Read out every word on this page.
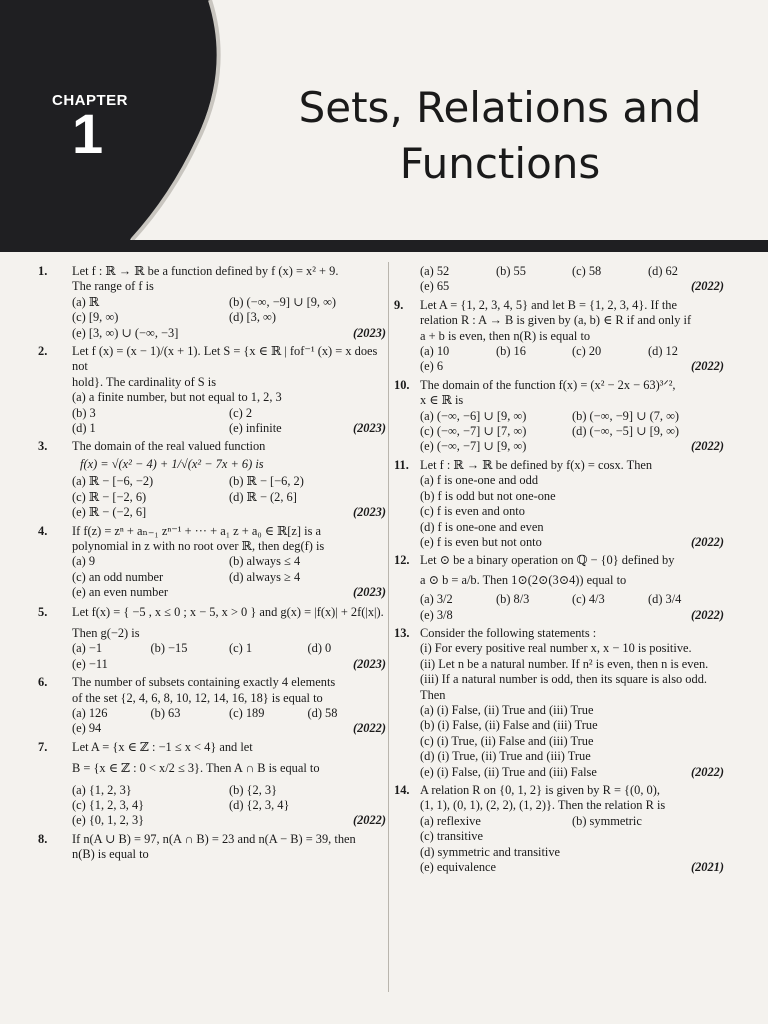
CHAPTER
1	Sets, Relations and
Functions
1. Let f : ℝ → ℝ be a function defined by f (x) = x² + 9.
The range of f is
(a) ℝ	(b) (−∞, −9] ∪ [9, ∞)
(c) [9, ∞)	(d) [3, ∞)
(e) [3, ∞) ∪ (−∞, −3]	(2023)
2. Let f (x) = (x − 1)/(x + 1). Let S = {x ∈ ℝ | fof⁻¹ (x) = x does not
hold}. The cardinality of S is
(a) a finite number, but not equal to 1, 2, 3
(b) 3	(c) 2
(d) 1	(e) infinite	(2023)
3. The domain of the real valued function
f(x) = √(x² − 4) + 1/√(x² − 7x + 6) is
(a) ℝ − [−6, −2)	(b) ℝ − [−6, 2)
(c) ℝ − [−2, 6)	(d) ℝ − (2, 6]
(e) ℝ − (−2, 6]	(2023)
4. If f(z) = zⁿ + aₙ₋₁ zⁿ⁻¹ + ··· + a₁ z + a₀ ∈ ℝ[z] is a
polynomial in z with no root over ℝ, then deg(f) is
(a) 9	(b) always ≤ 4
(c) an odd number	(d) always ≥ 4
(e) an even number	(2023)
5. Let f(x) = { −5 , x ≤ 0 ; x − 5, x > 0 } and g(x) = |f(x)| + 2f(|x|).
Then g(−2) is
(a) −1	(b) −15	(c) 1	(d) 0
(e) −11	(2023)
6. The number of subsets containing exactly 4 elements
of the set {2, 4, 6, 8, 10, 12, 14, 16, 18} is equal to
(a) 126	(b) 63	(c) 189	(d) 58
(e) 94	(2022)
7. Let A = {x ∈ ℤ : −1 ≤ x < 4} and let
B = {x ∈ ℤ : 0 < x/2 ≤ 3}. Then A ∩ B is equal to
(a) {1, 2, 3}	(b) {2, 3}
(c) {1, 2, 3, 4}	(d) {2, 3, 4}
(e) {0, 1, 2, 3}	(2022)
8. If n(A ∪ B) = 97, n(A ∩ B) = 23 and n(A − B) = 39, then
n(B) is equal to
(a) 52	(b) 55	(c) 58	(d) 62
(e) 65	(2022)
9. Let A = {1, 2, 3, 4, 5} and let B = {1, 2, 3, 4}. If the
relation R : A → B is given by (a, b) ∈ R if and only if
a + b is even, then n(R) is equal to
(a) 10	(b) 16	(c) 20	(d) 12
(e) 6	(2022)
10. The domain of the function f(x) = (x² − 2x − 63)³ᐟ²,
x ∈ ℝ is
(a) (−∞, −6] ∪ [9, ∞)	(b) (−∞, −9] ∪ (7, ∞)
(c) (−∞, −7] ∪ [7, ∞)	(d) (−∞, −5] ∪ [9, ∞)
(e) (−∞, −7] ∪ [9, ∞)	(2022)
11. Let f : ℝ → ℝ be defined by f(x) = cosx. Then
(a) f is one-one and odd
(b) f is odd but not one-one
(c) f is even and onto
(d) f is one-one and even
(e) f is even but not onto	(2022)
12. Let ⊙ be a binary operation on ℚ − {0} defined by
a ⊙ b = a/b. Then 1⊙(2⊙(3⊙4)) equal to
(a) 3/2	(b) 8/3	(c) 4/3	(d) 3/4
(e) 3/8	(2022)
13. Consider the following statements :
(i) For every positive real number x, x − 10 is positive.
(ii) Let n be a natural number. If n² is even, then n is even.
(iii) If a natural number is odd, then its square is also odd.
Then
(a) (i) False, (ii) True and (iii) True
(b) (i) False, (ii) False and (iii) True
(c) (i) True, (ii) False and (iii) True
(d) (i) True, (ii) True and (iii) True
(e) (i) False, (ii) True and (iii) False	(2022)
14. A relation R on {0, 1, 2} is given by R = {(0, 0),
(1, 1), (0, 1), (2, 2), (1, 2)}. Then the relation R is
(a) reflexive	(b) symmetric
(c) transitive
(d) symmetric and transitive
(e) equivalence	(2021)
